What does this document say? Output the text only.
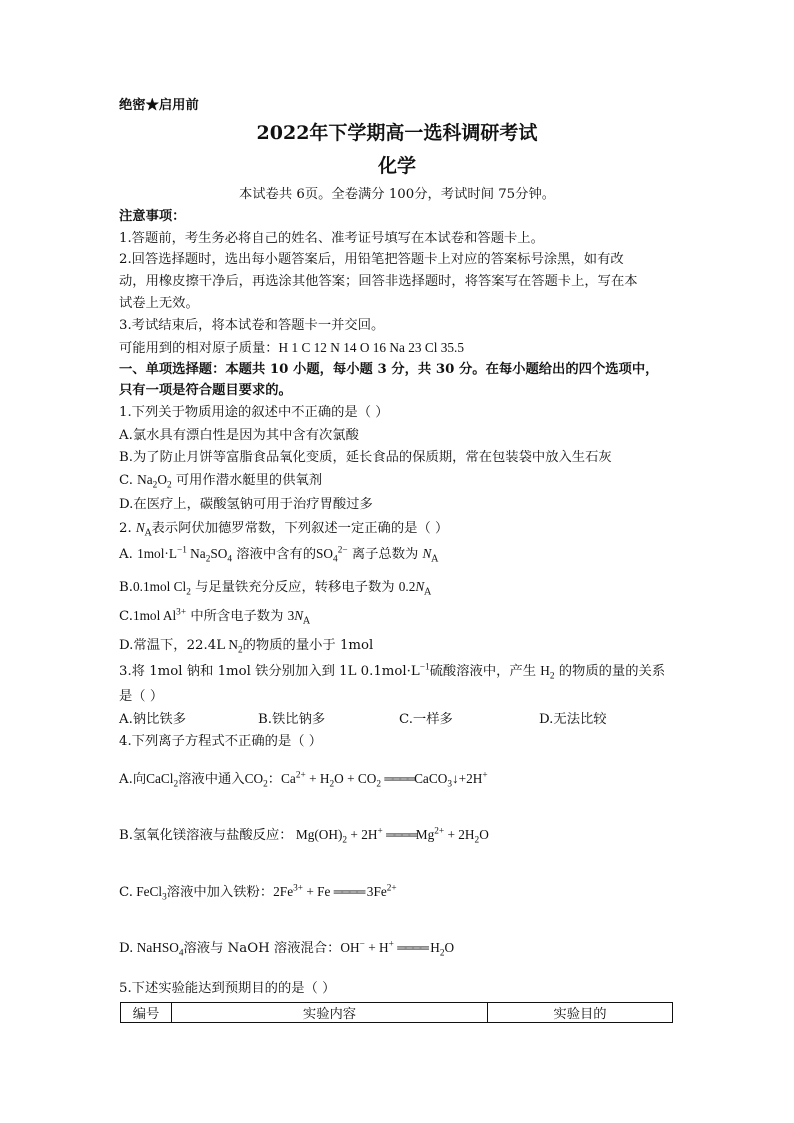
绝密★启用前
2022年下学期高一选科调研考试
化学
本试卷共 6页。全卷满分 100分，考试时间 75分钟。
注意事项：
1.答题前，考生务必将自己的姓名、准考证号填写在本试卷和答题卡上。
2.回答选择题时，选出每小题答案后，用铅笔把答题卡上对应的答案标号涂黑，如有改
动，用橡皮擦干净后，再选涂其他答案；回答非选择题时，将答案写在答题卡上，写在本
试卷上无效。
3.考试结束后，将本试卷和答题卡一并交回。
可能用到的相对原子质量：H 1 C 12 N 14 O 16 Na 23 Cl 35.5
一、单项选择题：本题共 10 小题，每小题 3 分，共 30 分。在每小题给出的四个选项中，
只有一项是符合题目要求的。
1.下列关于物质用途的叙述中不正确的是（ ）
A.氯水具有漂白性是因为其中含有次氯酸
B.为了防止月饼等富脂食品氧化变质，延长食品的保质期，常在包装袋中放入生石灰
C. $Na_2O_2$ 可用作潜水艇里的供氧剂
D.在医疗上，碳酸氢钠可用于治疗胃酸过多
2. $N_A$表示阿伏加德罗常数，下列叙述一定正确的是（ ）
A. $1mol\cdot L^{-1}$ $Na_2SO_4$ 溶液中含有的$SO_4^{2-}$ 离子总数为 $N_A$
B.0.1mol $Cl_2$ 与足量铁充分反应，转移电子数为 $0.2N_A$
C.1mol $Al^{3+}$ 中所含电子数为 $3N_A$
D.常温下，22.4L $N_2$的物质的量小于 1mol
3.将 1mol 钠和 1mol 铁分别加入到 1L $0.1mol\cdot L^{-1}$硫酸溶液中，产生 $H_2$ 的物质的量的关系
是（ ）
A.钠比铁多	B.铁比钠多	C.一样多	D.无法比较
4.下列离子方程式不正确的是（ ）
A.向CaCl$_2$溶液中通入$CO_2$：$Ca^{2+} + H_2O + CO_2$ ════CaCO$_3$↓+2H+
B.氢氧化镁溶液与盐酸反应： $Mg(OH)_2 + 2H^+$ $════Mg^{2+} + 2H_2O$
C. FeCl$_3$溶液中加入铁粉：$2Fe^{3+} + Fe$ ════ $3Fe^{2+}$
D. NaHSO$_4$溶液与 NaOH 溶液混合：OH− + H+ ════ $H_2O$
5.下述实验能达到预期目的的是（ ）
编号	实验内容	实验目的
